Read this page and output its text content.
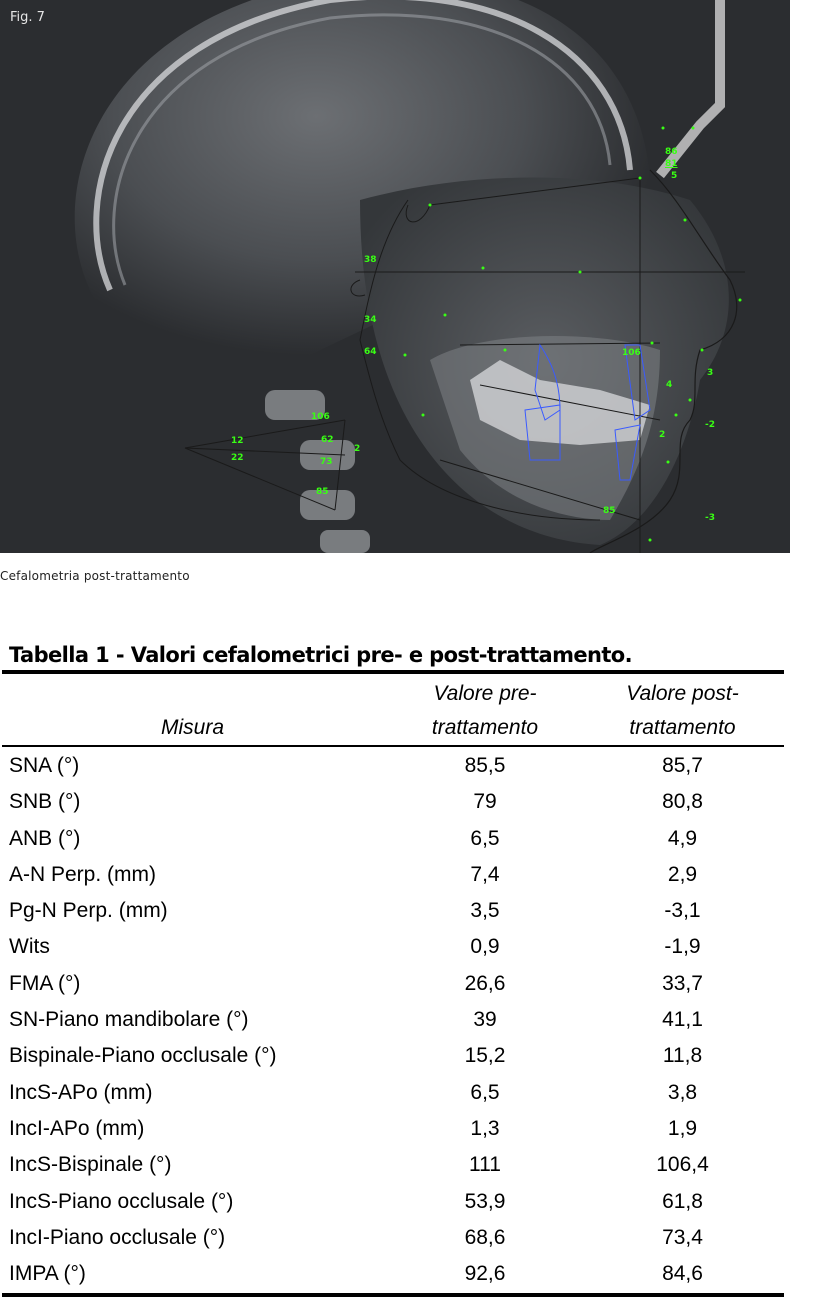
Fig. 7
86
81
5
38
34
64	106
4
3
-2
2
106
12	62
22	73
2
85
85
-3
Cefalometria post-trattamento
Tabella 1 - Valori cefalometrici pre- e post-trattamento.
Misura
Valore pre-
trattamento
Valore post-
trattamento
SNA (°)	85,5	85,7
SNB (°)	79	80,8
ANB (°)	6,5	4,9
A-N Perp. (mm)	7,4	2,9
Pg-N Perp. (mm)	3,5	-3,1
Wits	0,9	-1,9
FMA (°)	26,6	33,7
SN-Piano mandibolare (°)	39	41,1
Bispinale-Piano occlusale (°)	15,2	11,8
IncS-APo (mm)	6,5	3,8
IncI-APo (mm)	1,3	1,9
IncS-Bispinale (°)	111	106,4
IncS-Piano occlusale (°)	53,9	61,8
IncI-Piano occlusale (°)	68,6	73,4
IMPA (°)	92,6	84,6
